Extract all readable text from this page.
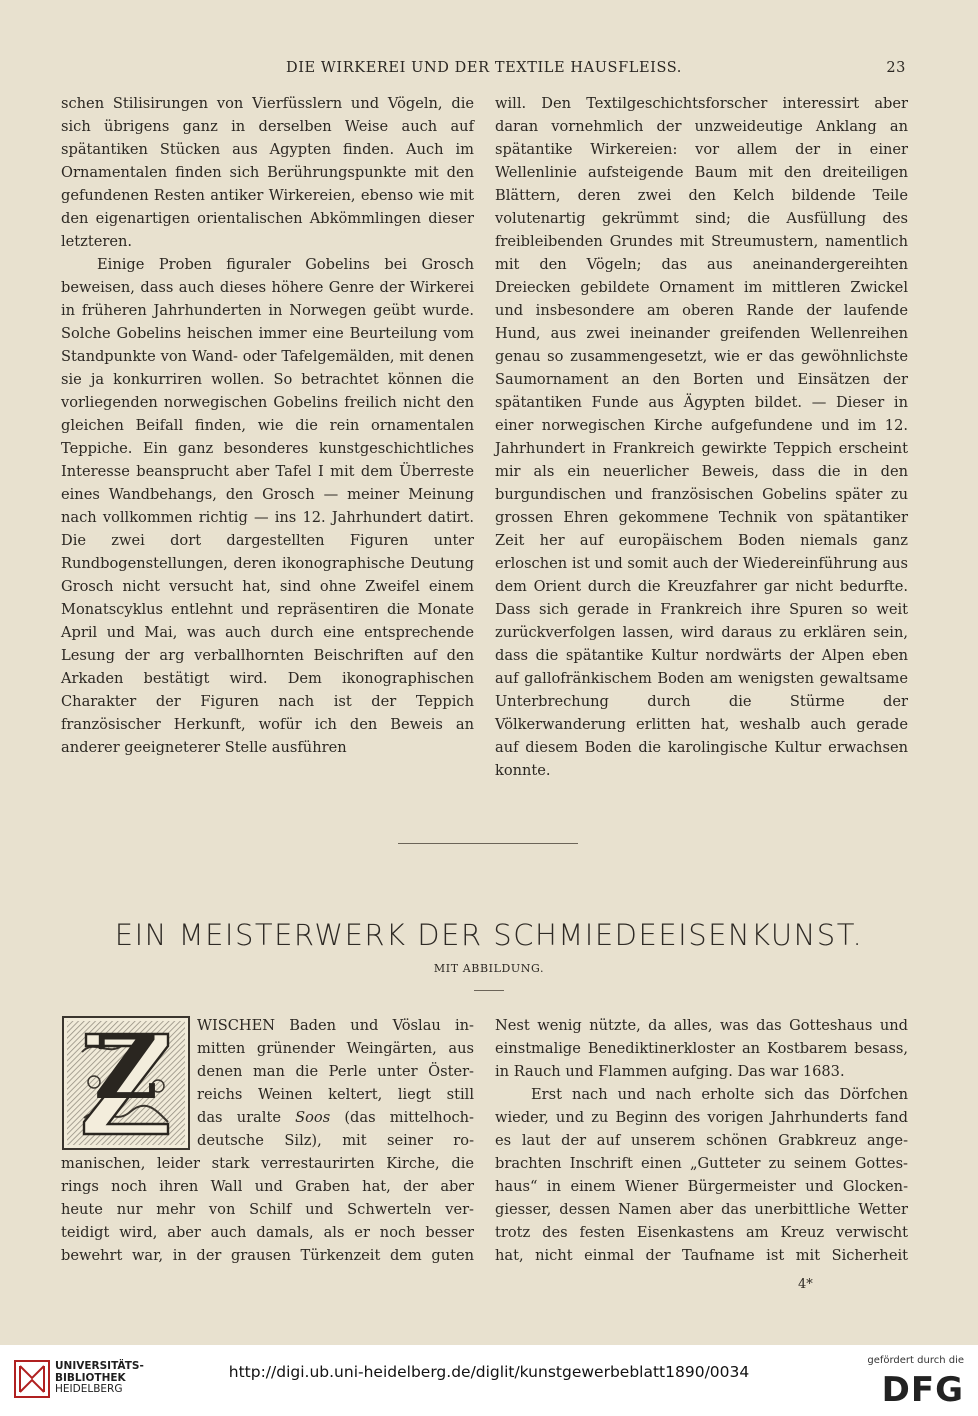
DIE WIRKEREI UND DER TEXTILE HAUSFLEISS.	23

schen Stilisirungen von Vierfüsslern und Vögeln, die sich übrigens ganz in derselben Weise auch auf spätantiken Stücken aus Agypten finden. Auch im Ornamentalen finden sich Berührungspunkte mit den gefundenen Resten antiker Wirkereien, ebenso wie mit den eigenartigen orientalischen Abkömmlingen dieser letzteren.

Einige Proben figuraler Gobelins bei Grosch beweisen, dass auch dieses höhere Genre der Wirkerei in früheren Jahrhunderten in Norwegen geübt wurde. Solche Gobelins heischen immer eine Beurteilung vom Standpunkte von Wand- oder Tafelgemälden, mit denen sie ja konkurriren wollen. So betrachtet können die vorliegenden norwegischen Gobelins freilich nicht den gleichen Beifall finden, wie die rein ornamentalen Teppiche. Ein ganz besonderes kunstgeschichtliches Interesse beansprucht aber Tafel I mit dem Überreste eines Wandbehangs, den Grosch — meiner Meinung nach vollkommen richtig — ins 12. Jahrhundert datirt. Die zwei dort dargestellten Figuren unter Rundbogenstellungen, deren ikonographische Deutung Grosch nicht versucht hat, sind ohne Zweifel einem Monatscyklus entlehnt und repräsentiren die Monate April und Mai, was auch durch eine entsprechende Lesung der arg verballhornten Beischriften auf den Arkaden bestätigt wird. Dem ikonographischen Charakter der Figuren nach ist der Teppich französischer Herkunft, wofür ich den Beweis an anderer geeigneterer Stelle ausführen

will. Den Textilgeschichtsforscher interessirt aber daran vornehmlich der unzweideutige Anklang an spätantike Wirkereien: vor allem der in einer Wellenlinie aufsteigende Baum mit den dreiteiligen Blättern, deren zwei den Kelch bildende Teile volutenartig gekrümmt sind; die Ausfüllung des freibleibenden Grundes mit Streumustern, namentlich mit den Vögeln; das aus aneinandergereihten Dreiecken gebildete Ornament im mittleren Zwickel und insbesondere am oberen Rande der laufende Hund, aus zwei ineinander greifenden Wellenreihen genau so zusammengesetzt, wie er das gewöhnlichste Saumornament an den Borten und Einsätzen der spätantiken Funde aus Ägypten bildet. — Dieser in einer norwegischen Kirche aufgefundene und im 12. Jahrhundert in Frankreich gewirkte Teppich erscheint mir als ein neuerlicher Beweis, dass die in den burgundischen und französischen Gobelins später zu grossen Ehren gekommene Technik von spätantiker Zeit her auf europäischem Boden niemals ganz erloschen ist und somit auch der Wiedereinführung aus dem Orient durch die Kreuzfahrer gar nicht bedurfte. Dass sich gerade in Frankreich ihre Spuren so weit zurückverfolgen lassen, wird daraus zu erklären sein, dass die spätantike Kultur nordwärts der Alpen eben auf gallofränkischem Boden am wenigsten gewaltsame Unterbrechung durch die Stürme der Völkerwanderung erlitten hat, weshalb auch gerade auf diesem Boden die karolingische Kultur erwachsen konnte.

EIN MEISTERWERK DER SCHMIEDEEISENKUNST.
MIT ABBILDUNG.
Z	WISCHEN Baden und Vöslau in-
mitten grünender Weingärten, aus
denen man die Perle unter Öster-
reichs Weinen keltert, liegt still
das uralte Soos (das mittelhoch-
deutsche Silz), mit seiner ro-
manischen, leider stark verrestaurirten Kirche, die
rings noch ihren Wall und Graben hat, der aber
heute nur mehr von Schilf und Schwerteln ver-
teidigt wird, aber auch damals, als er noch besser
bewehrt war, in der grausen Türkenzeit dem guten
Nest wenig nützte, da alles, was das Gotteshaus und
einstmalige Benediktinerkloster an Kostbarem besass,
in Rauch und Flammen aufging. Das war 1683.
Erst nach und nach erholte sich das Dörfchen
wieder, und zu Beginn des vorigen Jahrhunderts fand
es laut der auf unserem schönen Grabkreuz ange-
brachten Inschrift einen „Gutteter zu seinem Gottes-
haus“ in einem Wiener Bürgermeister und Glocken-
giesser, dessen Namen aber das unerbittliche Wetter
trotz des festen Eisenkastens am Kreuz verwischt
hat, nicht einmal der Taufname ist mit Sicherheit
4*
UNIVERSITÄTS-
BIBLIOTHEK
HEIDELBERG
http://digi.ub.uni-heidelberg.de/diglit/kunstgewerbeblatt1890/0034
gefördert durch die
DFG
